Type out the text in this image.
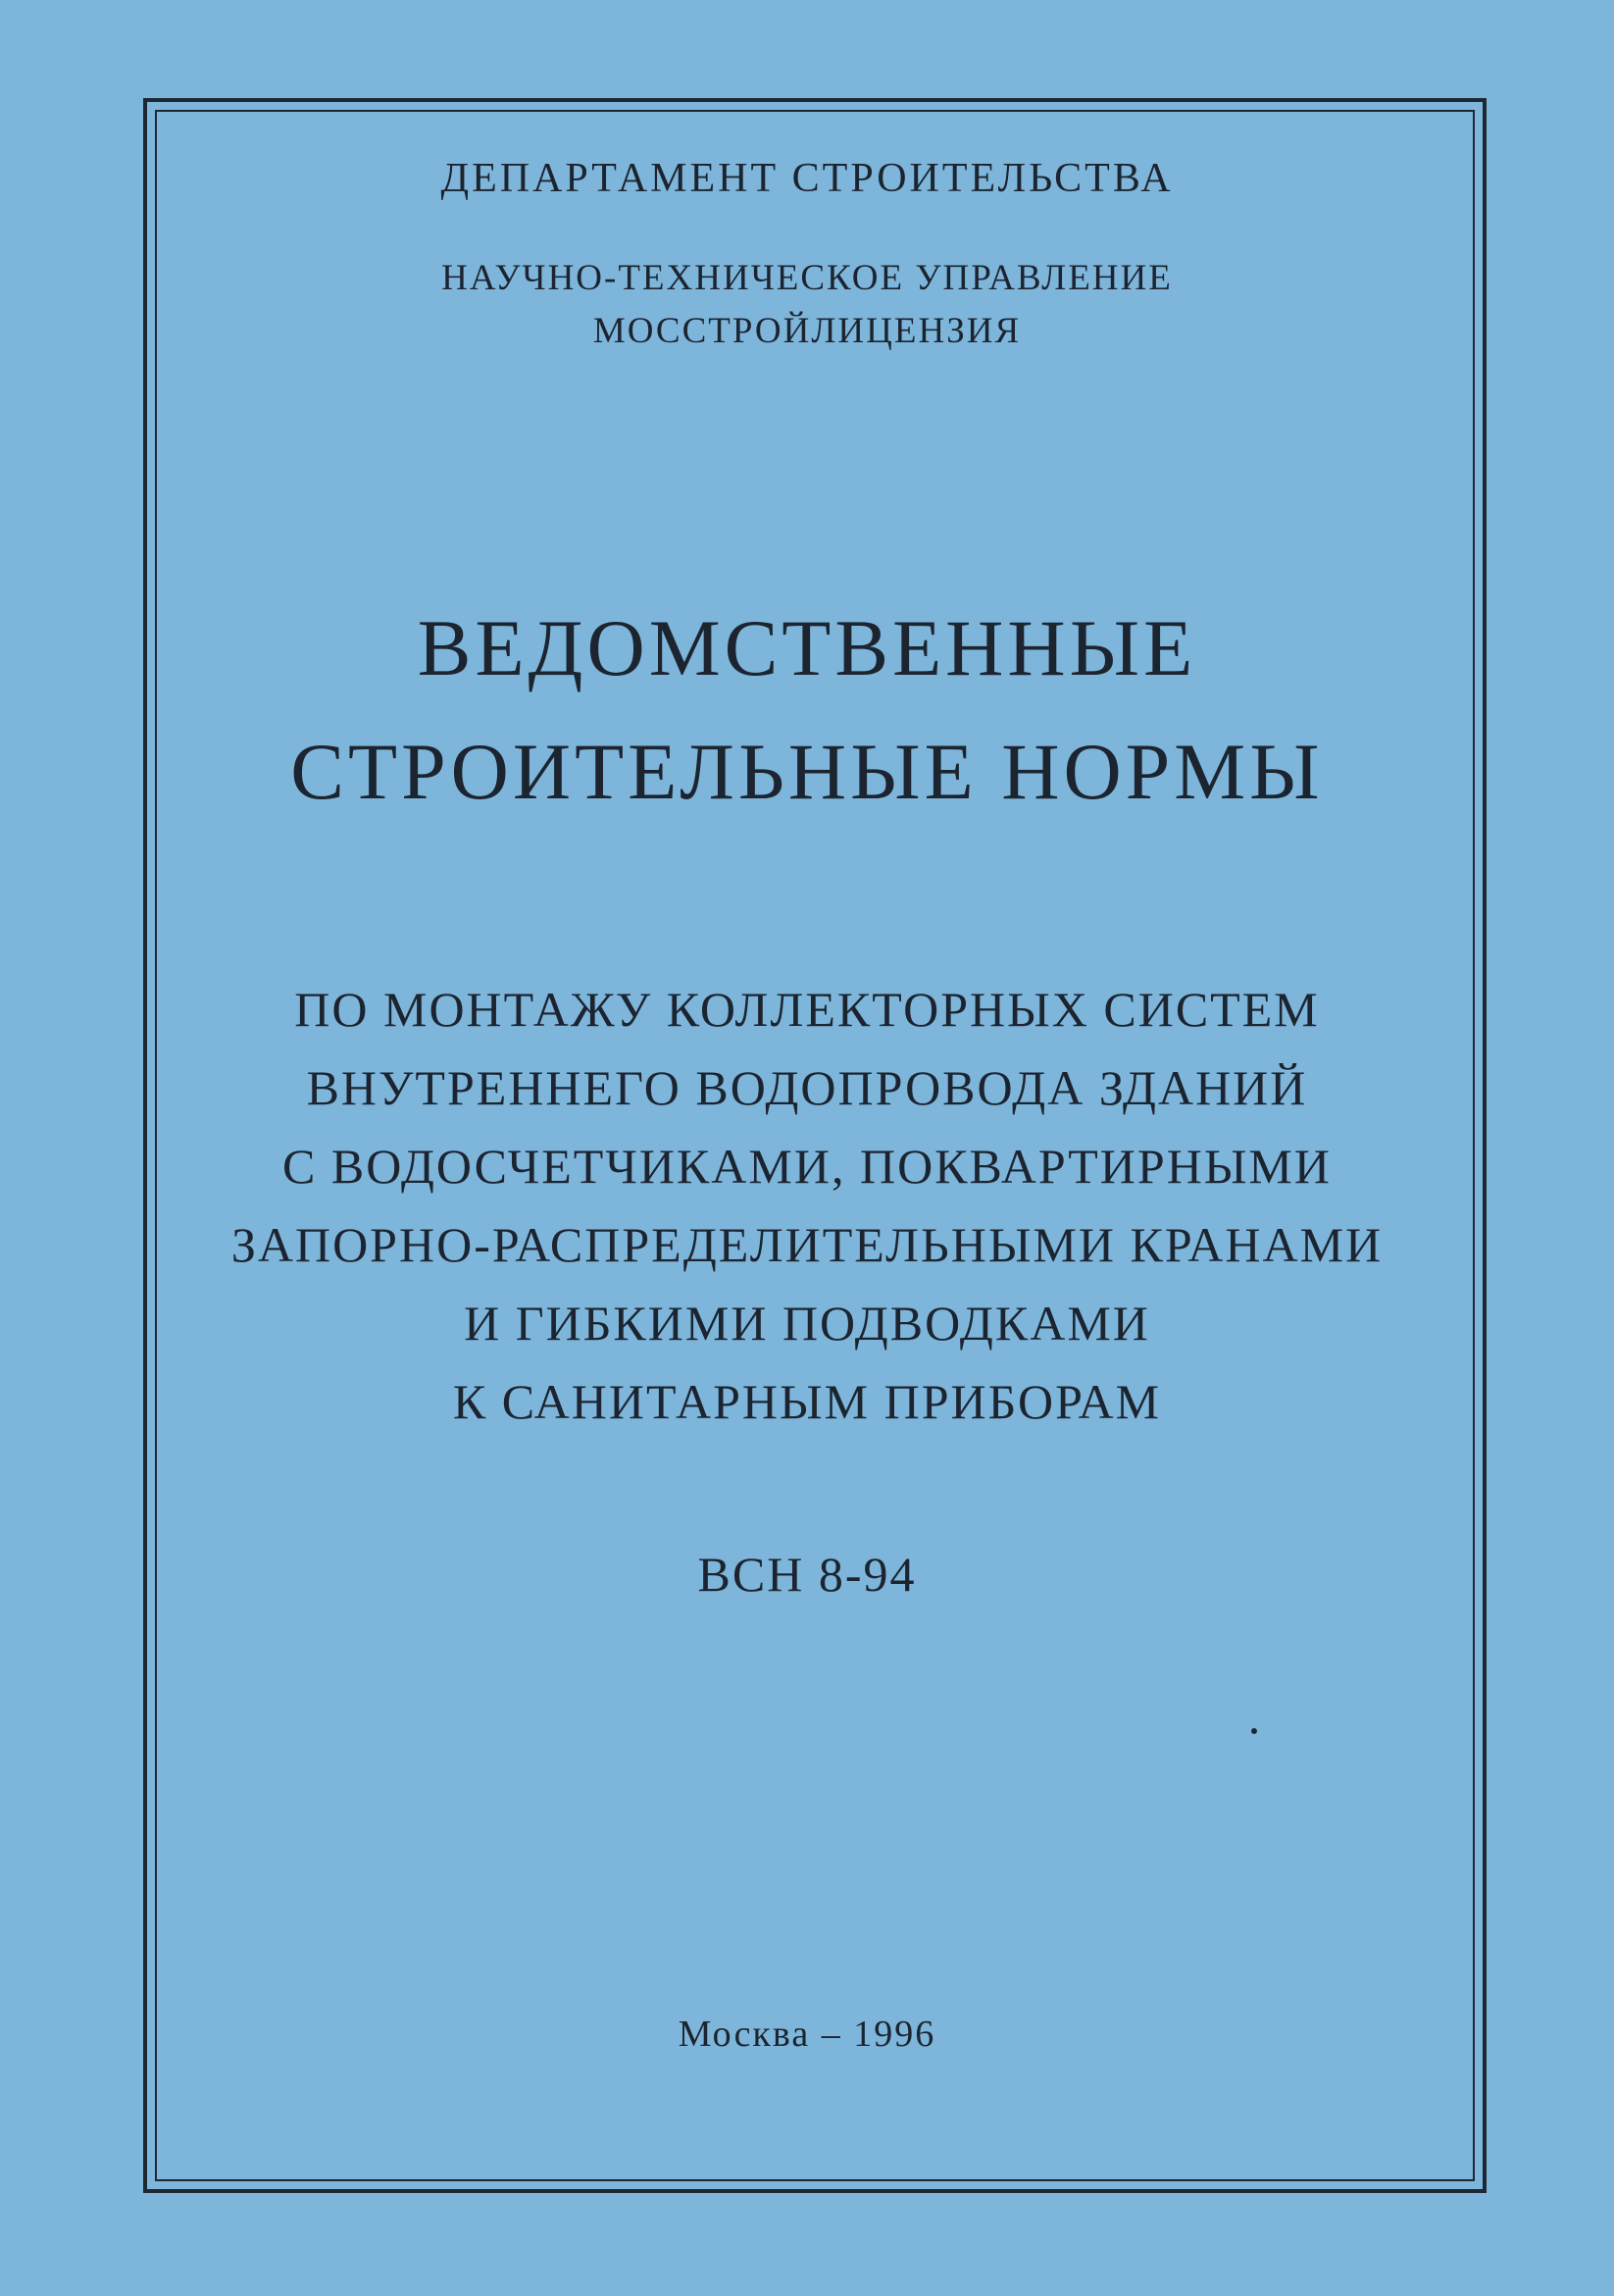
ДЕПАРТАМЕНТ СТРОИТЕЛЬСТВА
НАУЧНО-ТЕХНИЧЕСКОЕ УПРАВЛЕНИЕ
МОССТРОЙЛИЦЕНЗИЯ
ВЕДОМСТВЕННЫЕ
СТРОИТЕЛЬНЫЕ НОРМЫ
ПО МОНТАЖУ КОЛЛЕКТОРНЫХ СИСТЕМ
ВНУТРЕННЕГО ВОДОПРОВОДА ЗДАНИЙ
С ВОДОСЧЕТЧИКАМИ, ПОКВАРТИРНЫМИ
ЗАПОРНО-РАСПРЕДЕЛИТЕЛЬНЫМИ КРАНАМИ
И ГИБКИМИ ПОДВОДКАМИ
К САНИТАРНЫМ ПРИБОРАМ
ВСН 8-94
Москва – 1996
